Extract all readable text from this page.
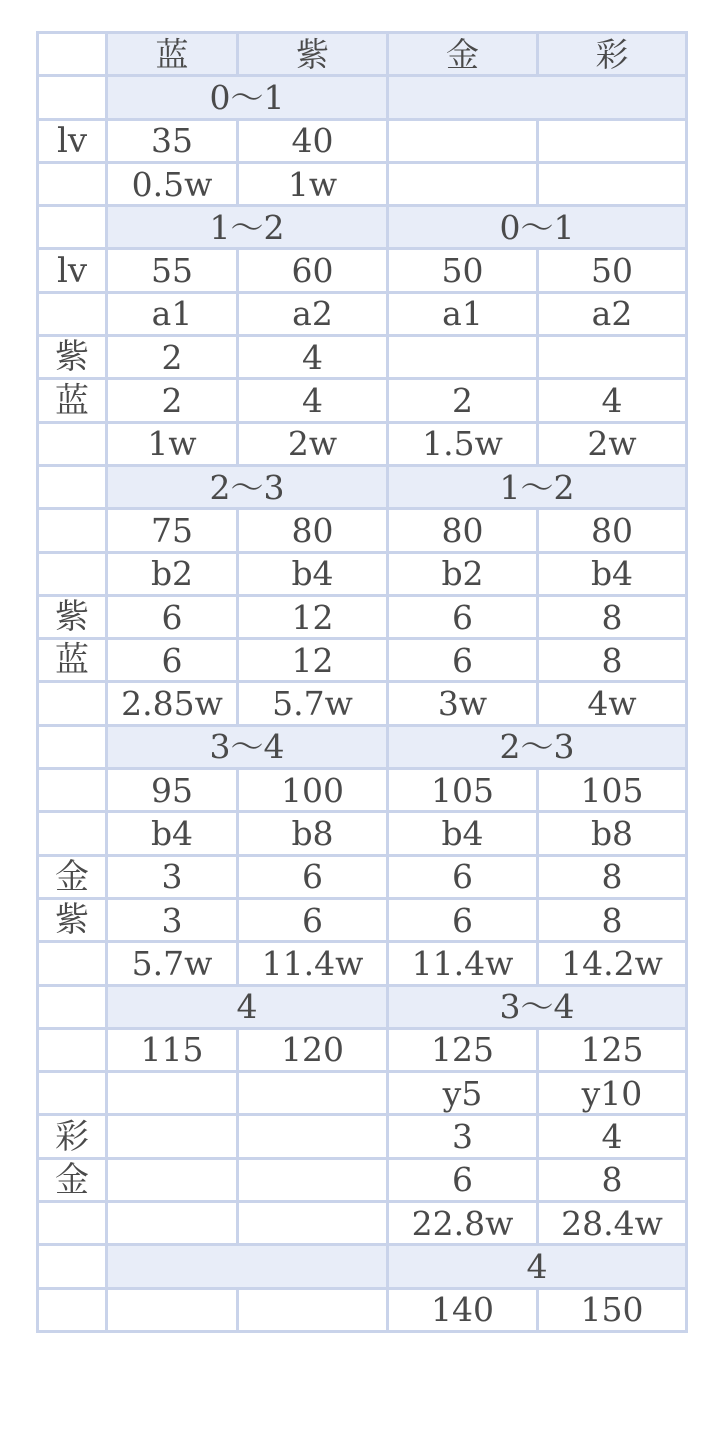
	蓝	紫	金	彩
	0～1			
lv	35	40		
	0.5w	1w		
	1～2		0～1	
lv	55	60	50	50
	a1	a2	a1	a2
紫	2	4		
蓝	2	4	2	4
	1w	2w	1.5w	2w
	2～3		1～2	
	75	80	80	80
	b2	b4	b2	b4
紫	6	12	6	8
蓝	6	12	6	8
	2.85w	5.7w	3w	4w
	3～4		2～3	
	95	100	105	105
	b4	b8	b4	b8
金	3	6	6	8
紫	3	6	6	8
	5.7w	11.4w	11.4w	14.2w
	4		3～4	
	115	120	125	125
			y5	y10
彩			3	4
金			6	8
			22.8w	28.4w
			4	
			140	150
